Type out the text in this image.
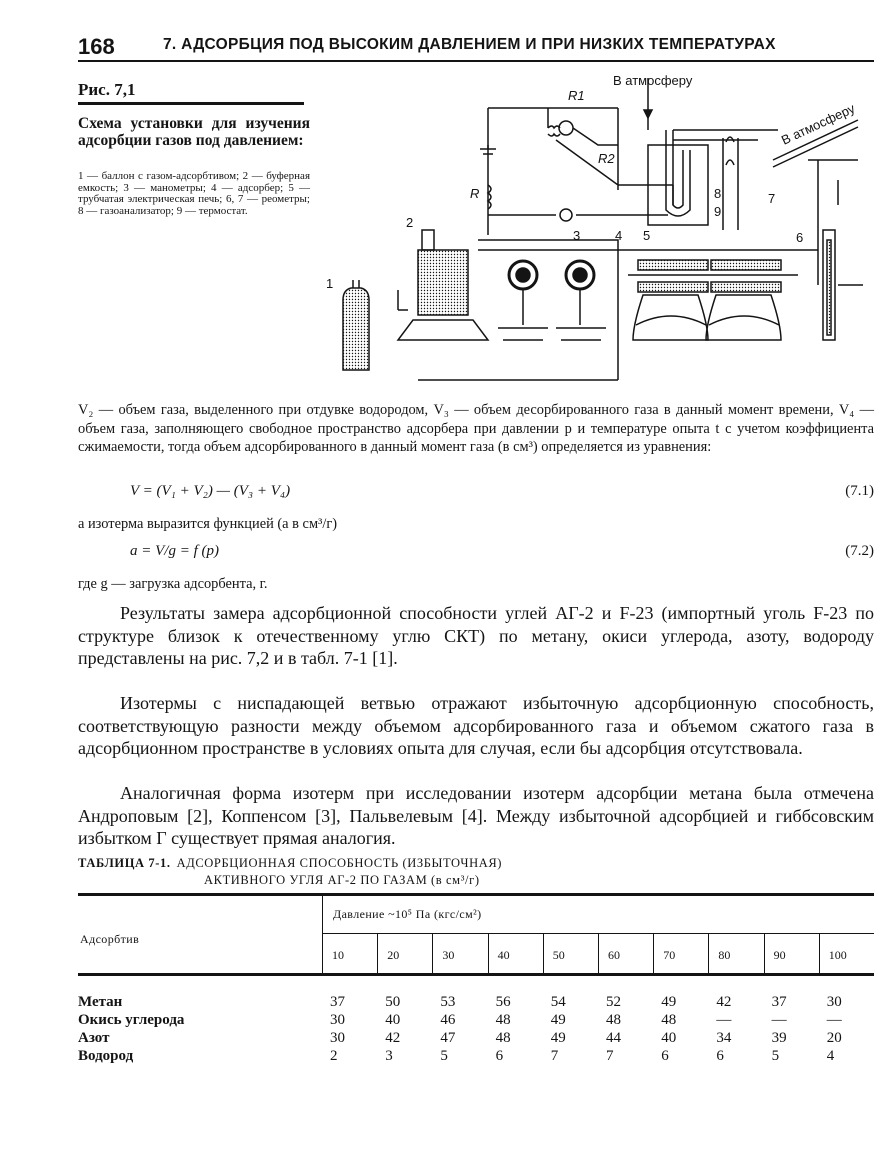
168	7. АДСОРБЦИЯ ПОД ВЫСОКИМ ДАВЛЕНИЕМ И ПРИ НИЗКИХ ТЕМПЕРАТУРАХ
Рис. 7,1
Схема установки для изучения адсорбции газов под давлением:
1 — баллон с газом-адсорбтивом; 2 — буферная емкость; 3 — манометры; 4 — адсорбер; 5 — трубчатая электрическая печь; 6, 7 — реометры; 8 — газоанализатор; 9 — термостат.
В атмосферу
В атмосферу
R1
R2
R
1
2
3	4 5	6
7
8
9
V₂ — объем газа, выделенного при отдувке водородом, V₃ — объем десорбированного газа в данный момент времени, V₄ — объем газа, заполняющего свободное пространство адсорбера при давлении p и температуре опыта t с учетом коэффициента сжимаемости, тогда объем адсорбированного в данный момент газа (в см³) определяется из уравнения:
V = (V₁ + V₂) — (V₃ + V₄)	(7.1)
а изотерма выразится функцией (a в см³/г)
a = V/g = f (p)	(7.2)
где g — загрузка адсорбента, г.
Результаты замера адсорбционной способности углей АГ-2 и F-23 (импортный уголь F-23 по структуре близок к отечественному углю СКТ) по метану, окиси углерода, азоту, водороду представлены на рис. 7,2 и в табл. 7-1 [1].
Изотермы с ниспадающей ветвью отражают избыточную адсорбционную способность, соответствующую разности между объемом адсорбированного газа и объемом сжатого газа в адсорбционном пространстве в условиях опыта для случая, если бы адсорбция отсутствовала.
Аналогичная форма изотерм при исследовании изотерм адсорбции метана была отмечена Андроповым [2], Коппенсом [3], Пальвелевым [4]. Между избыточной адсорбцией и гиббсовским избытком Г существует прямая аналогия.
ТАБЛИЦА 7-1. АДСОРБЦИОННАЯ СПОСОБНОСТЬ (ИЗБЫТОЧНАЯ)
АКТИВНОГО УГЛЯ АГ-2 ПО ГАЗАМ (в см³/г)
Адсорбтив
Давление ~10⁵ Па (кгс/см²)
10	20	30	40	50	60	70	80	90	100
Метан	37	50	53	56	54	52	49	42	37	30
Окись углерода	30	40	46	48	49	48	48	—	—	—
Азот	30	42	47	48	49	44	40	34	39	20
Водород	2	3	5	6	7	7	6	6	5	4
